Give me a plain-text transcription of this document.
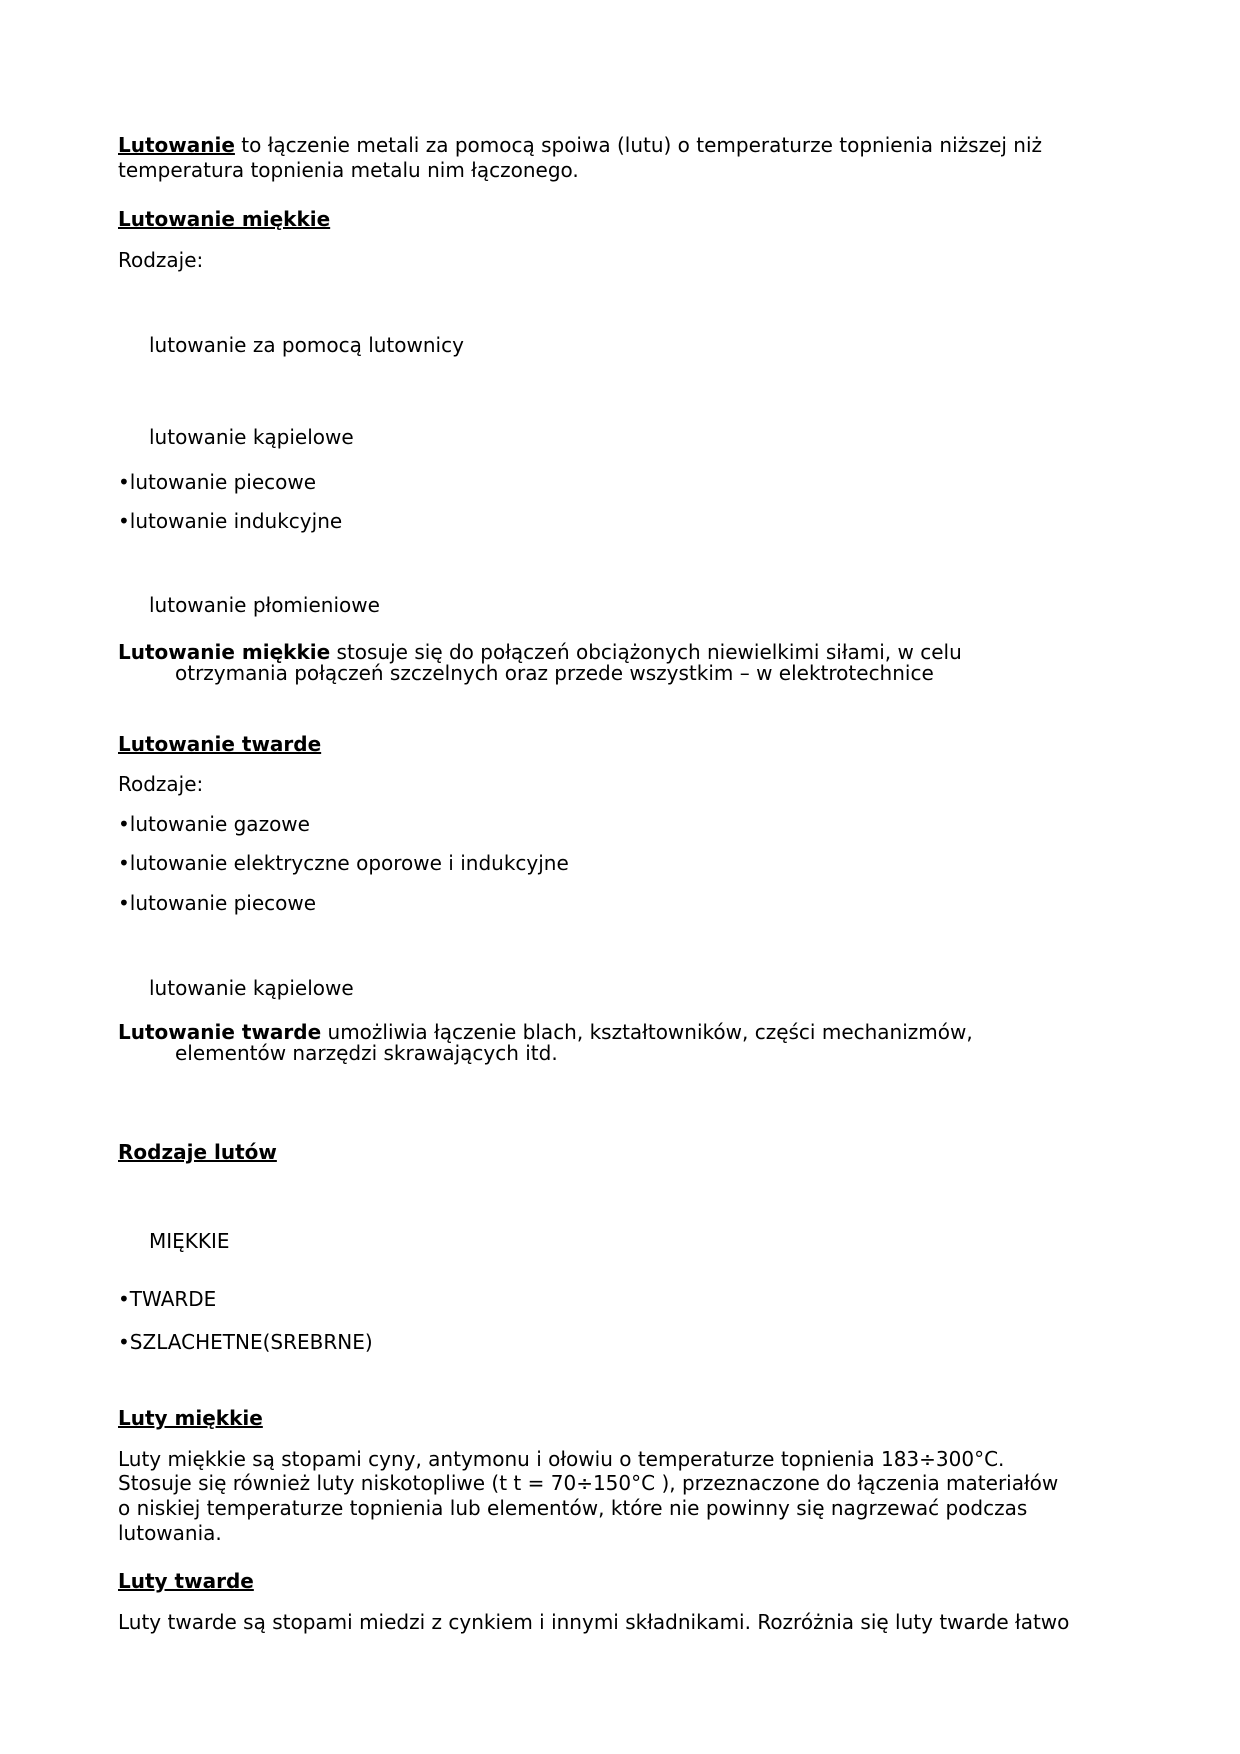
Lutowanie to łączenie metali za pomocą spoiwa (lutu) o temperaturze topnienia niższej niż
temperatura topnienia metalu nim łączonego.
Lutowanie miękkie
Rodzaje:
lutowanie za pomocą lutownicy
lutowanie kąpielowe
• lutowanie piecowe
• lutowanie indukcyjne
lutowanie płomieniowe
Lutowanie miękkie stosuje się do połączeń obciążonych niewielkimi siłami, w celu
otrzymania połączeń szczelnych oraz przede wszystkim – w elektrotechnice
Lutowanie twarde
Rodzaje:
• lutowanie gazowe
• lutowanie elektryczne oporowe i indukcyjne
• lutowanie piecowe
lutowanie kąpielowe
Lutowanie twarde umożliwia łączenie blach, kształtowników, części mechanizmów,
elementów narzędzi skrawających itd.
Rodzaje lutów
MIĘKKIE
• TWARDE
• SZLACHETNE(SREBRNE)
Luty miękkie
Luty miękkie są stopami cyny, antymonu i ołowiu o temperaturze topnienia 183÷300°C.
Stosuje się również luty niskotopliwe (t t = 70÷150°C ), przeznaczone do łączenia materiałów
o niskiej temperaturze topnienia lub elementów, które nie powinny się nagrzewać podczas
lutowania.
Luty twarde
Luty twarde są stopami miedzi z cynkiem i innymi składnikami. Rozróżnia się luty twarde łatwo
